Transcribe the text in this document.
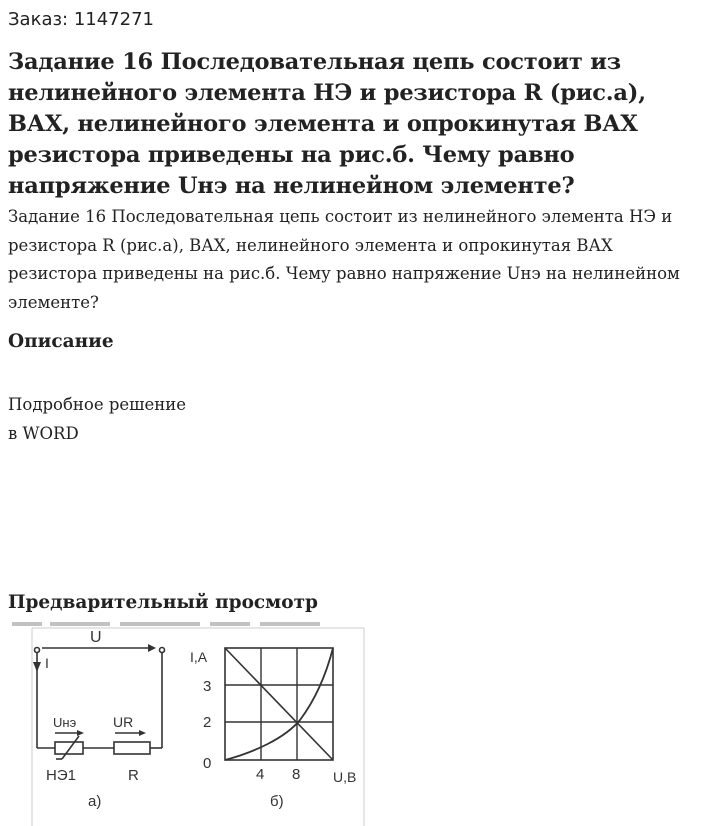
Заказ: 1147271
Задание 16 Последовательная цепь состоит из нелинейного элемента НЭ и резистора R (рис.а), ВАХ, нелинейного элемента и опрокинутая ВАХ резистора приведены на рис.б. Чему равно напряжение Uнэ на нелинейном элементе?
Задание 16 Последовательная цепь состоит из нелинейного элемента НЭ и резистора R (рис.а), ВАХ, нелинейного элемента и опрокинутая ВАХ резистора приведены на рис.б. Чему равно напряжение Uнэ на нелинейном элементе?
Описание
Подробное решение
в WORD
Предварительный просмотр
U
I
Uнэ	UR
НЭ1	R
а)
I,A
3
2
0
4 8 U,B
б)
